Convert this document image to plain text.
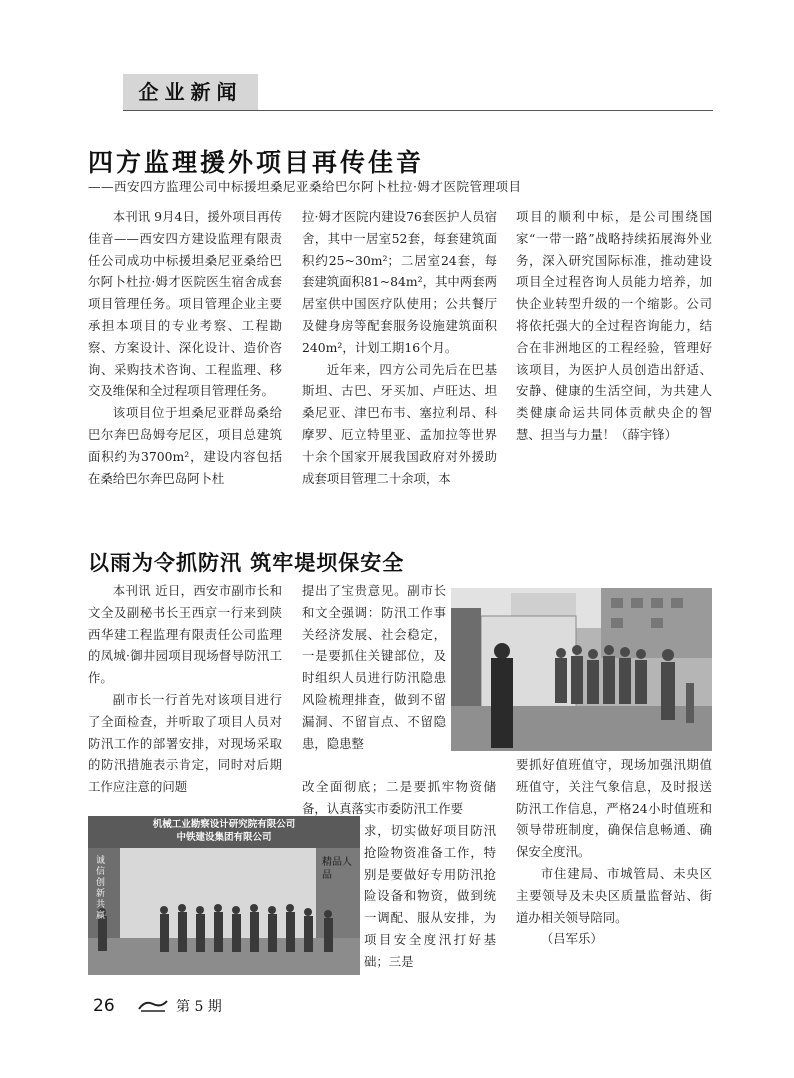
企业新闻
四方监理援外项目再传佳音
——西安四方监理公司中标援坦桑尼亚桑给巴尔阿卜杜拉·姆才医院管理项目

本刊讯 9月4日，援外项目再传佳音——西安四方建设监理有限责任公司成功中标援坦桑尼亚桑给巴尔阿卜杜拉·姆才医院医生宿舍成套项目管理任务。项目管理企业主要承担本项目的专业考察、工程勘察、方案设计、深化设计、造价咨询、采购技术咨询、工程监理、移交及维保和全过程项目管理任务。

该项目位于坦桑尼亚群岛桑给巴尔奔巴岛姆夸尼区，项目总建筑面积约为3700m²，建设内容包括在桑给巴尔奔巴岛阿卜杜

拉·姆才医院内建设76套医护人员宿舍，其中一居室52套，每套建筑面积约25~30m²；二居室24套，每套建筑面积81~84m²，其中两套两居室供中国医疗队使用；公共餐厅及健身房等配套服务设施建筑面积240m²，计划工期16个月。

近年来，四方公司先后在巴基斯坦、古巴、牙买加、卢旺达、坦桑尼亚、津巴布韦、塞拉利昂、科摩罗、厄立特里亚、孟加拉等世界十余个国家开展我国政府对外援助成套项目管理二十余项，本

项目的顺利中标，是公司围绕国家“一带一路”战略持续拓展海外业务，深入研究国际标准，推动建设项目全过程咨询人员能力培养，加快企业转型升级的一个缩影。公司将依托强大的全过程咨询能力，结合在非洲地区的工程经验，管理好该项目，为医护人员创造出舒适、安静、健康的生活空间，为共建人类健康命运共同体贡献央企的智慧、担当与力量！（薛宇锋）

以雨为令抓防汛 筑牢堤坝保安全

本刊讯 近日，西安市副市长和文全及副秘书长王西京一行来到陕西华建工程监理有限责任公司监理的凤城·御井园项目现场督导防汛工作。

副市长一行首先对该项目进行了全面检查，并听取了项目人员对防汛工作的部署安排，对现场采取的防汛措施表示肯定，同时对后期工作应注意的问题

提出了宝贵意见。副市长和文全强调：防汛工作事关经济发展、社会稳定，一是要抓住关键部位，及时组织人员进行防汛隐患风险梳理排查，做到不留漏洞、不留盲点、不留隐患，隐患整

改全面彻底；二是要抓牢物资储备，认真落实市委防汛工作要

求，切实做好项目防汛抢险物资准备工作，特别是要做好专用防汛抢险设备和物资，做到统一调配、服从安排，为项目安全度汛打好基础；三是

要抓好值班值守，现场加强汛期值班值守，关注气象信息，及时报送防汛工作信息，严格24小时值班和领导带班制度，确保信息畅通、确保安全度汛。

市住建局、市城管局、未央区主要领导及未央区质量监督站、街道办相关领导陪同。

（吕军乐）

机械工业勘察设计研究院有限公司
中铁建设集团有限公司
诚信创新共赢
精品人品
26	第 5 期
